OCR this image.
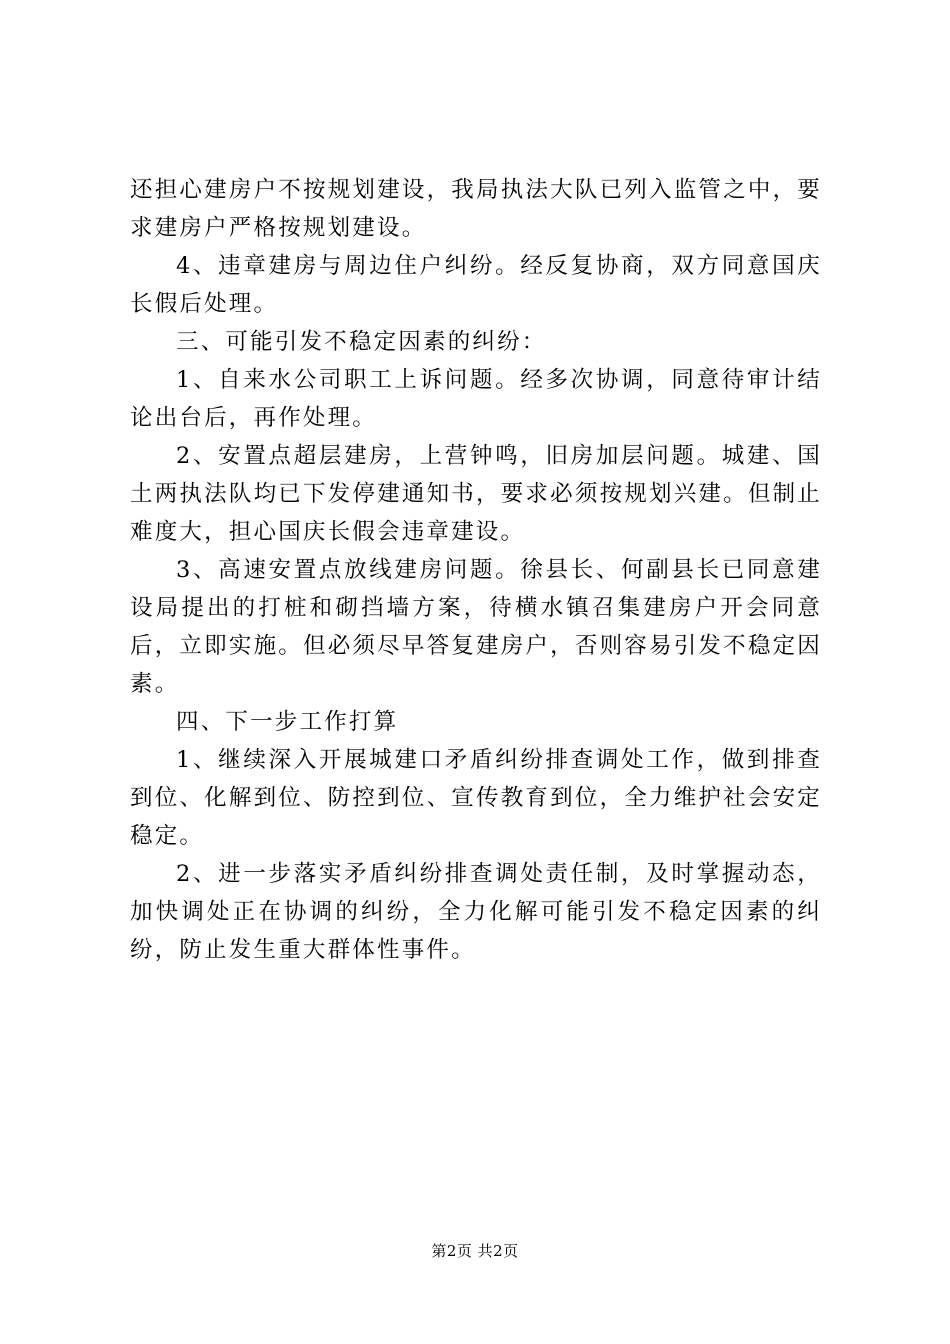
还担心建房户不按规划建设，我局执法大队已列入监管之中，要求建房户严格按规划建设。

4、违章建房与周边住户纠纷。经反复协商，双方同意国庆长假后处理。

三、可能引发不稳定因素的纠纷：

1、自来水公司职工上诉问题。经多次协调，同意待审计结论出台后，再作处理。

2、安置点超层建房，上营钟鸣，旧房加层问题。城建、国土两执法队均已下发停建通知书，要求必须按规划兴建。但制止难度大，担心国庆长假会违章建设。

3、高速安置点放线建房问题。徐县长、何副县长已同意建设局提出的打桩和砌挡墙方案，待横水镇召集建房户开会同意后，立即实施。但必须尽早答复建房户，否则容易引发不稳定因素。

四、下一步工作打算

1、继续深入开展城建口矛盾纠纷排查调处工作，做到排查到位、化解到位、防控到位、宣传教育到位，全力维护社会安定稳定。

2、进一步落实矛盾纠纷排查调处责任制，及时掌握动态，加快调处正在协调的纠纷，全力化解可能引发不稳定因素的纠纷，防止发生重大群体性事件。

第2页 共2页
